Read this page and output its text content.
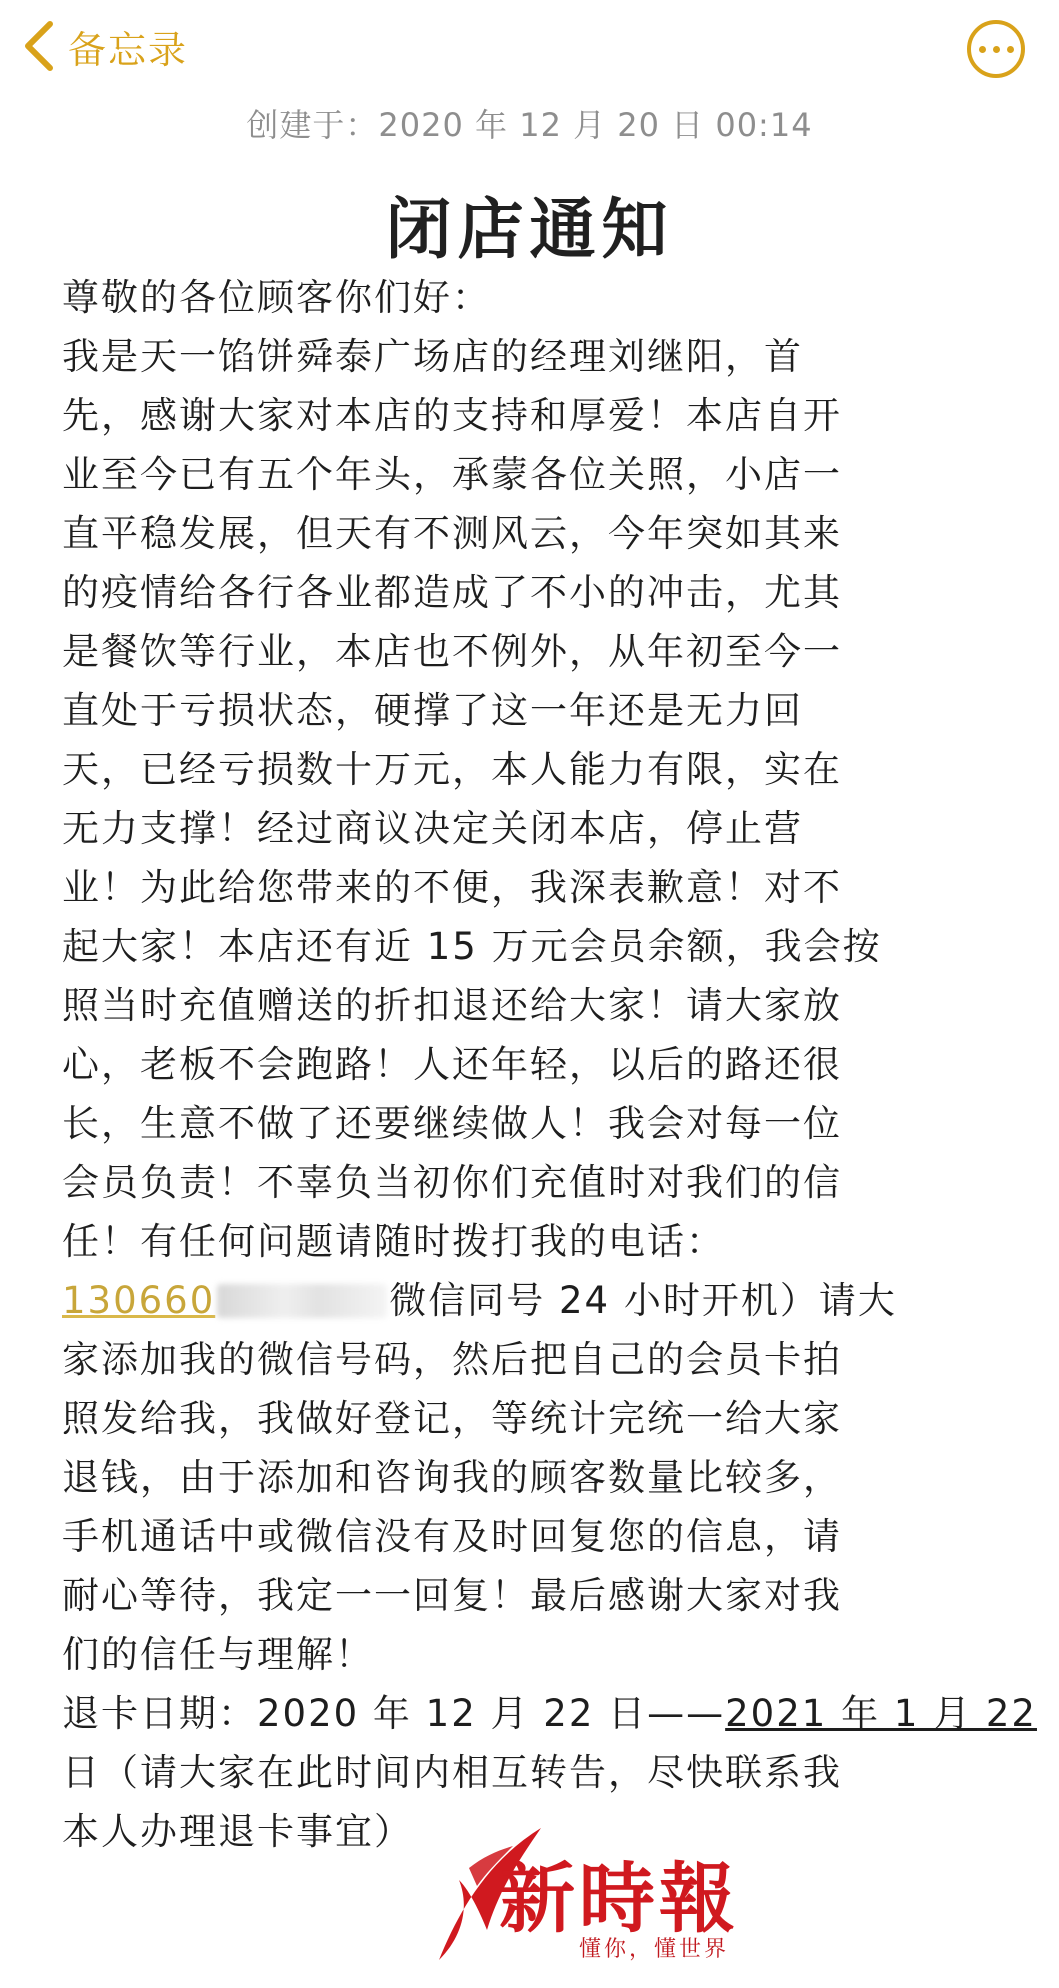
备忘录
创建于：2020 年 12 月 20 日 00:14
闭店通知
尊敬的各位顾客你们好：
我是天一馅饼舜泰广场店的经理刘继阳，首
先，感谢大家对本店的支持和厚爱！本店自开
业至今已有五个年头，承蒙各位关照，小店一
直平稳发展，但天有不测风云，今年突如其来
的疫情给各行各业都造成了不小的冲击，尤其
是餐饮等行业，本店也不例外，从年初至今一
直处于亏损状态，硬撑了这一年还是无力回
天，已经亏损数十万元，本人能力有限，实在
无力支撑！经过商议决定关闭本店，停止营
业！为此给您带来的不便，我深表歉意！对不
起大家！本店还有近 15 万元会员余额，我会按
照当时充值赠送的折扣退还给大家！请大家放
心，老板不会跑路！人还年轻，以后的路还很
长，生意不做了还要继续做人！我会对每一位
会员负责！不辜负当初你们充值时对我们的信
任！有任何问题请随时拨打我的电话：
130660	微信同号 24 小时开机）请大
家添加我的微信号码，然后把自己的会员卡拍
照发给我，我做好登记，等统计完统一给大家
退钱，由于添加和咨询我的顾客数量比较多，
手机通话中或微信没有及时回复您的信息，请
耐心等待，我定一一回复！最后感谢大家对我
们的信任与理解！
退卡日期：2020 年 12 月 22 日——2021 年 1 月 22
日（请大家在此时间内相互转告，尽快联系我
本人办理退卡事宜）
新時報
懂你，懂世界
